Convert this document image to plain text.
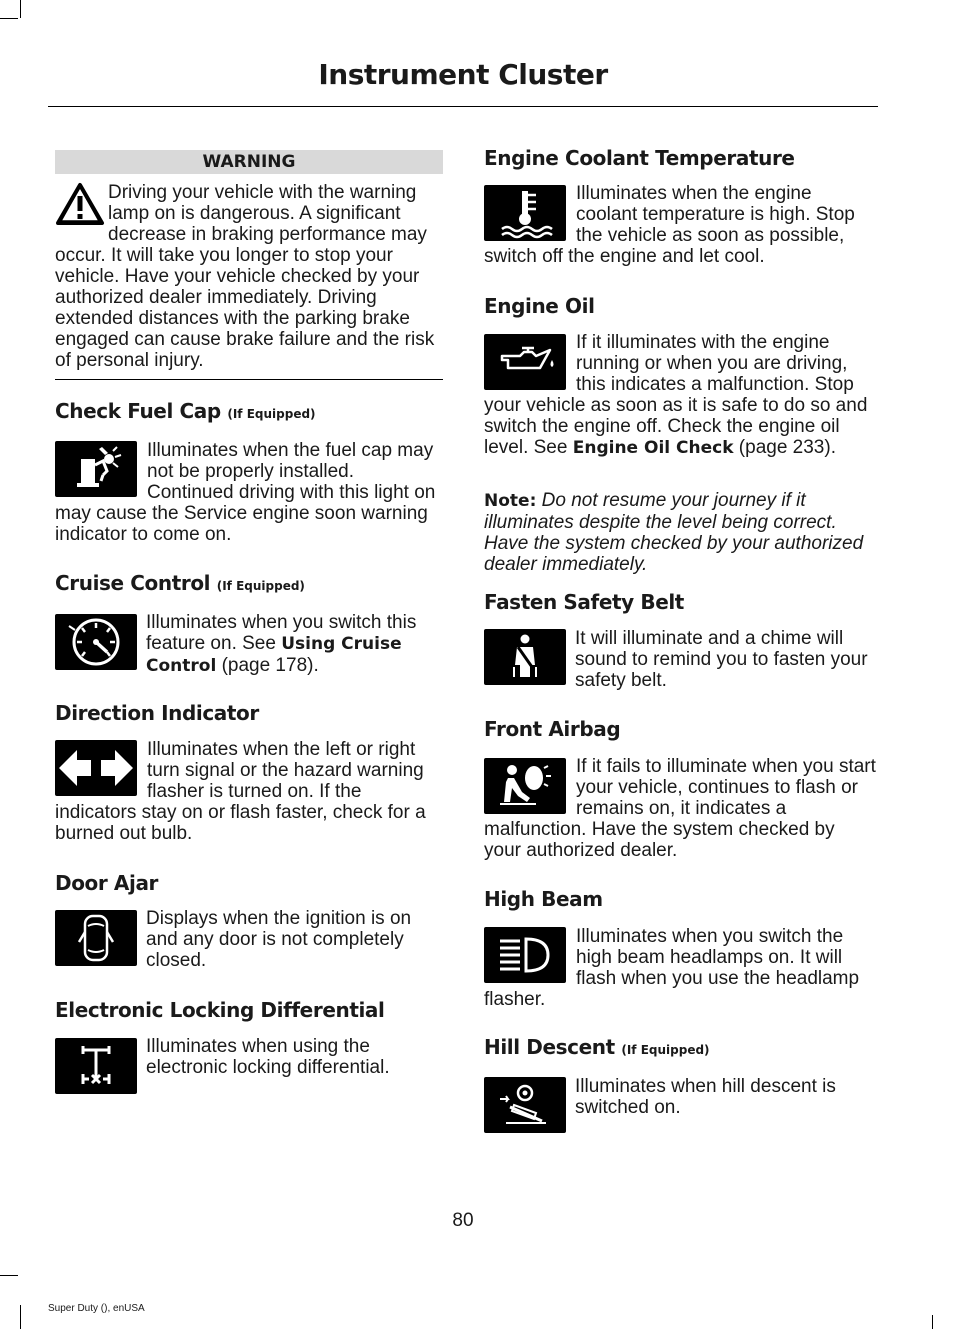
Instrument Cluster
WARNING

Driving your vehicle with the warning lamp on is dangerous. A significant decrease in braking performance may occur. It will take you longer to stop your vehicle. Have your vehicle checked by your authorized dealer immediately. Driving extended distances with the parking brake engaged can cause brake failure and the risk of personal injury.

Check Fuel Cap (If Equipped)

Illuminates when the fuel cap may not be properly installed. Continued driving with this light on may cause the Service engine soon warning indicator to come on.

Cruise Control (If Equipped)
Illuminates when you switch this feature on. See Using Cruise Control (page 178).
Direction Indicator

Illuminates when the left or right turn signal or the hazard warning flasher is turned on. If the indicators stay on or flash faster, check for a burned out bulb.

Door Ajar
Displays when the ignition is on and any door is not completely closed.
Electronic Locking Differential
Illuminates when using the electronic locking differential.
Engine Coolant Temperature

Illuminates when the engine coolant temperature is high. Stop the vehicle as soon as possible, switch off the engine and let cool.

Engine Oil

If it illuminates with the engine running or when you are driving, this indicates a malfunction. Stop your vehicle as soon as it is safe to do so and switch the engine off. Check the engine oil level. See Engine Oil Check (page 233).

Note: Do not resume your journey if it illuminates despite the level being correct. Have the system checked by your authorized dealer immediately.
Fasten Safety Belt
It will illuminate and a chime will sound to remind you to fasten your safety belt.
Front Airbag

If it fails to illuminate when you start your vehicle, continues to flash or remains on, it indicates a malfunction. Have the system checked by your authorized dealer.

High Beam

Illuminates when you switch the high beam headlamps on. It will flash when you use the headlamp flasher.

Hill Descent (If Equipped)
Illuminates when hill descent is switched on.
80
Super Duty (), enUSA
